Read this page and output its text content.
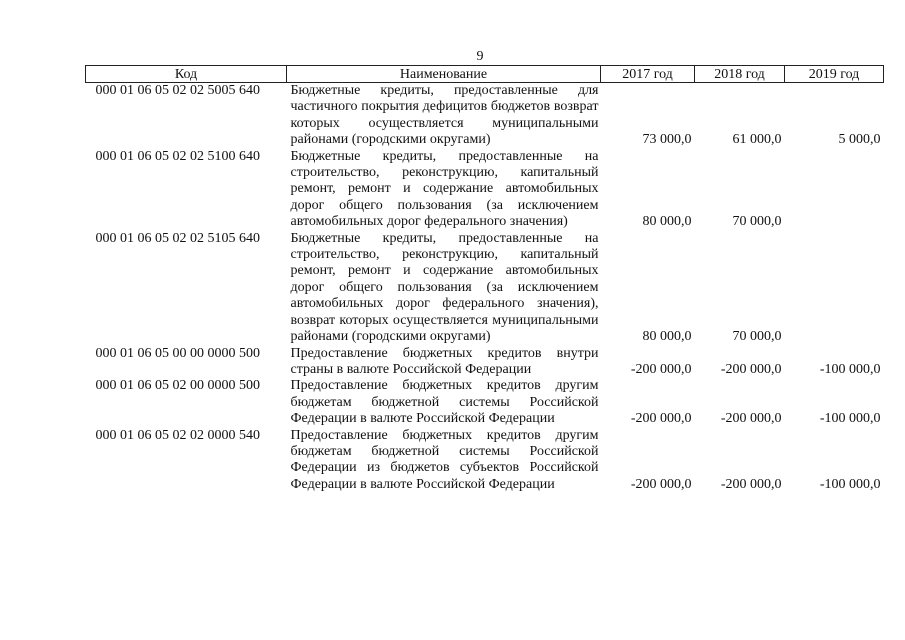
9
Код	Наименование	2017 год	2018 год	2019 год
000 01 06 05 02 02 5005 640	Бюджетные кредиты, предоставленные для частичного покрытия дефицитов бюджетов возврат которых осуществляется муниципальными районами (городскими округами)	73 000,0	61 000,0	5 000,0
000 01 06 05 02 02 5100 640	Бюджетные кредиты, предоставленные на строительство, реконструкцию, капитальный ремонт, ремонт и содержание автомобильных дорог общего пользования (за исключением автомобильных дорог федерального значения)	80 000,0	70 000,0	
000 01 06 05 02 02 5105 640	Бюджетные кредиты, предоставленные на строительство, реконструкцию, капитальный ремонт, ремонт и содержание автомобильных дорог общего пользования (за исключением автомобильных дорог федерального значения), возврат которых осуществляется муниципальными районами (городскими округами)	80 000,0	70 000,0	
000 01 06 05 00 00 0000 500	Предоставление бюджетных кредитов внутри страны в валюте Российской Федерации	-200 000,0	-200 000,0	-100 000,0
000 01 06 05 02 00 0000 500	Предоставление бюджетных кредитов другим бюджетам бюджетной системы Российской Федерации в валюте Российской Федерации	-200 000,0	-200 000,0	-100 000,0
000 01 06 05 02 02 0000 540	Предоставление бюджетных кредитов другим бюджетам бюджетной системы Российской Федерации из бюджетов субъектов Российской Федерации в валюте Российской Федерации	-200 000,0	-200 000,0	-100 000,0
